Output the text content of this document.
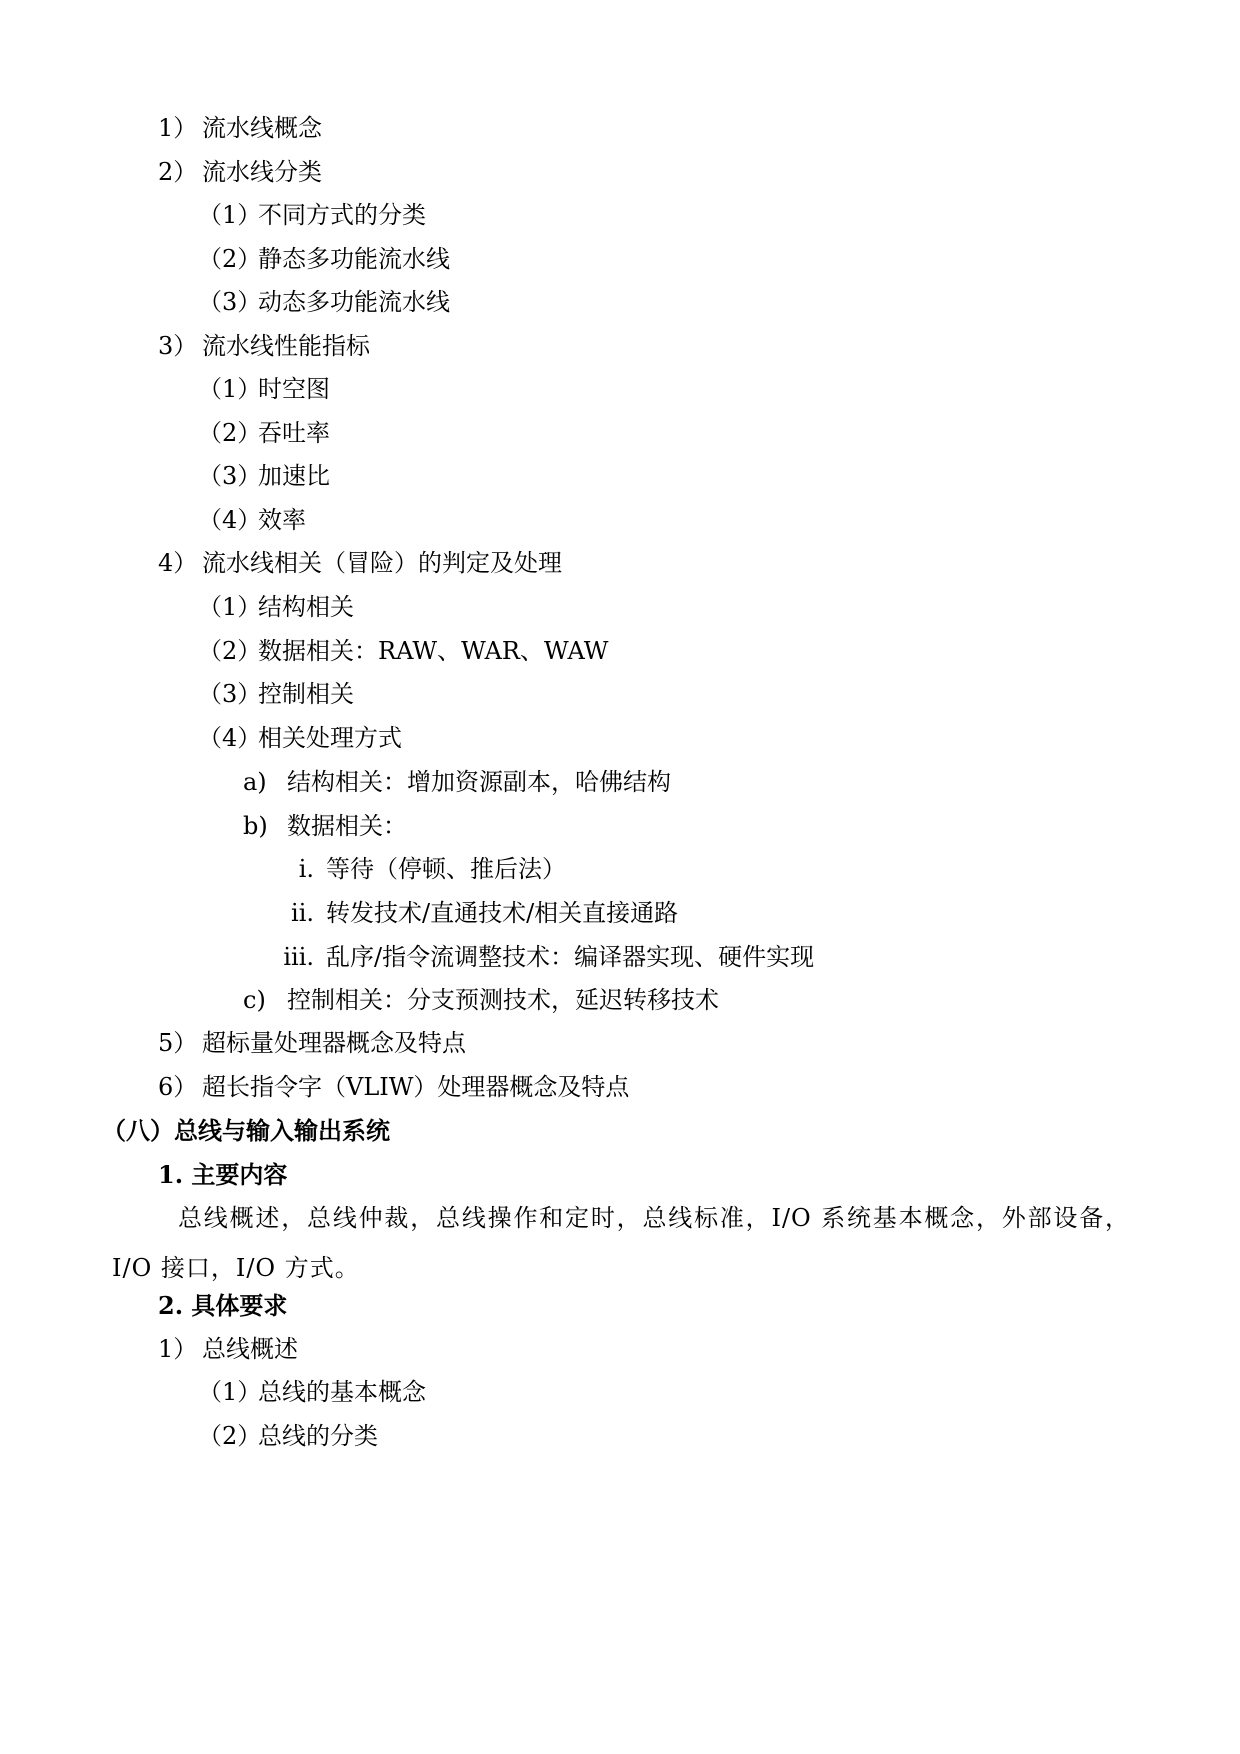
1） 流水线概念
2） 流水线分类
（1）不同方式的分类
（2）静态多功能流水线
（3）动态多功能流水线
3） 流水线性能指标
（1）时空图
（2）吞吐率
（3）加速比
（4）效率
4） 流水线相关（冒险）的判定及处理
（1）结构相关
（2）数据相关：RAW、WAR、WAW
（3）控制相关
（4）相关处理方式
a) 结构相关：增加资源副本，哈佛结构
b) 数据相关：
i. 等待（停顿、推后法）
ii. 转发技术/直通技术/相关直接通路
iii. 乱序/指令流调整技术：编译器实现、硬件实现
c) 控制相关：分支预测技术，延迟转移技术
5） 超标量处理器概念及特点
6） 超长指令字（VLIW）处理器概念及特点
（八）总线与输入输出系统
1. 主要内容
总线概述，总线仲裁，总线操作和定时，总线标准，I/O 系统基本概念，外部设备，I/O 接口，I/O 方式。
2. 具体要求
1） 总线概述
（1）总线的基本概念
（2）总线的分类
